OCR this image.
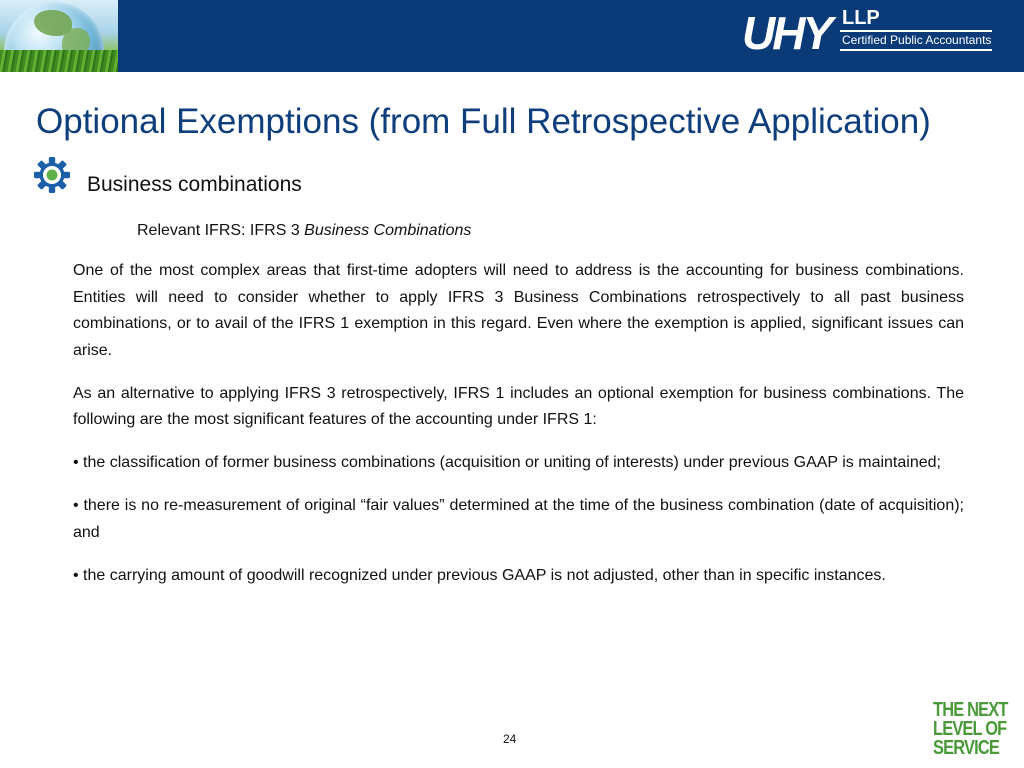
UHY LLP
Certified Public Accountants
Optional Exemptions (from Full Retrospective Application)
Business combinations
Relevant IFRS: IFRS 3 Business Combinations

One of the most complex areas that first-time adopters will need to address is the accounting for business combinations. Entities will need to consider whether to apply IFRS 3 Business Combinations retrospectively to all past business combinations, or to avail of the IFRS 1 exemption in this regard. Even where the exemption is applied, significant issues can arise.

As an alternative to applying IFRS 3 retrospectively, IFRS 1 includes an optional exemption for business combinations. The following are the most significant features of the accounting under IFRS 1:

• the classification of former business combinations (acquisition or uniting of interests) under previous GAAP is maintained;

• there is no re-measurement of original “fair values” determined at the time of the business combination (date of acquisition); and

• the carrying amount of goodwill recognized under previous GAAP is not adjusted, other than in specific instances.

24
THE NEXT
LEVEL OF
SERVICE
